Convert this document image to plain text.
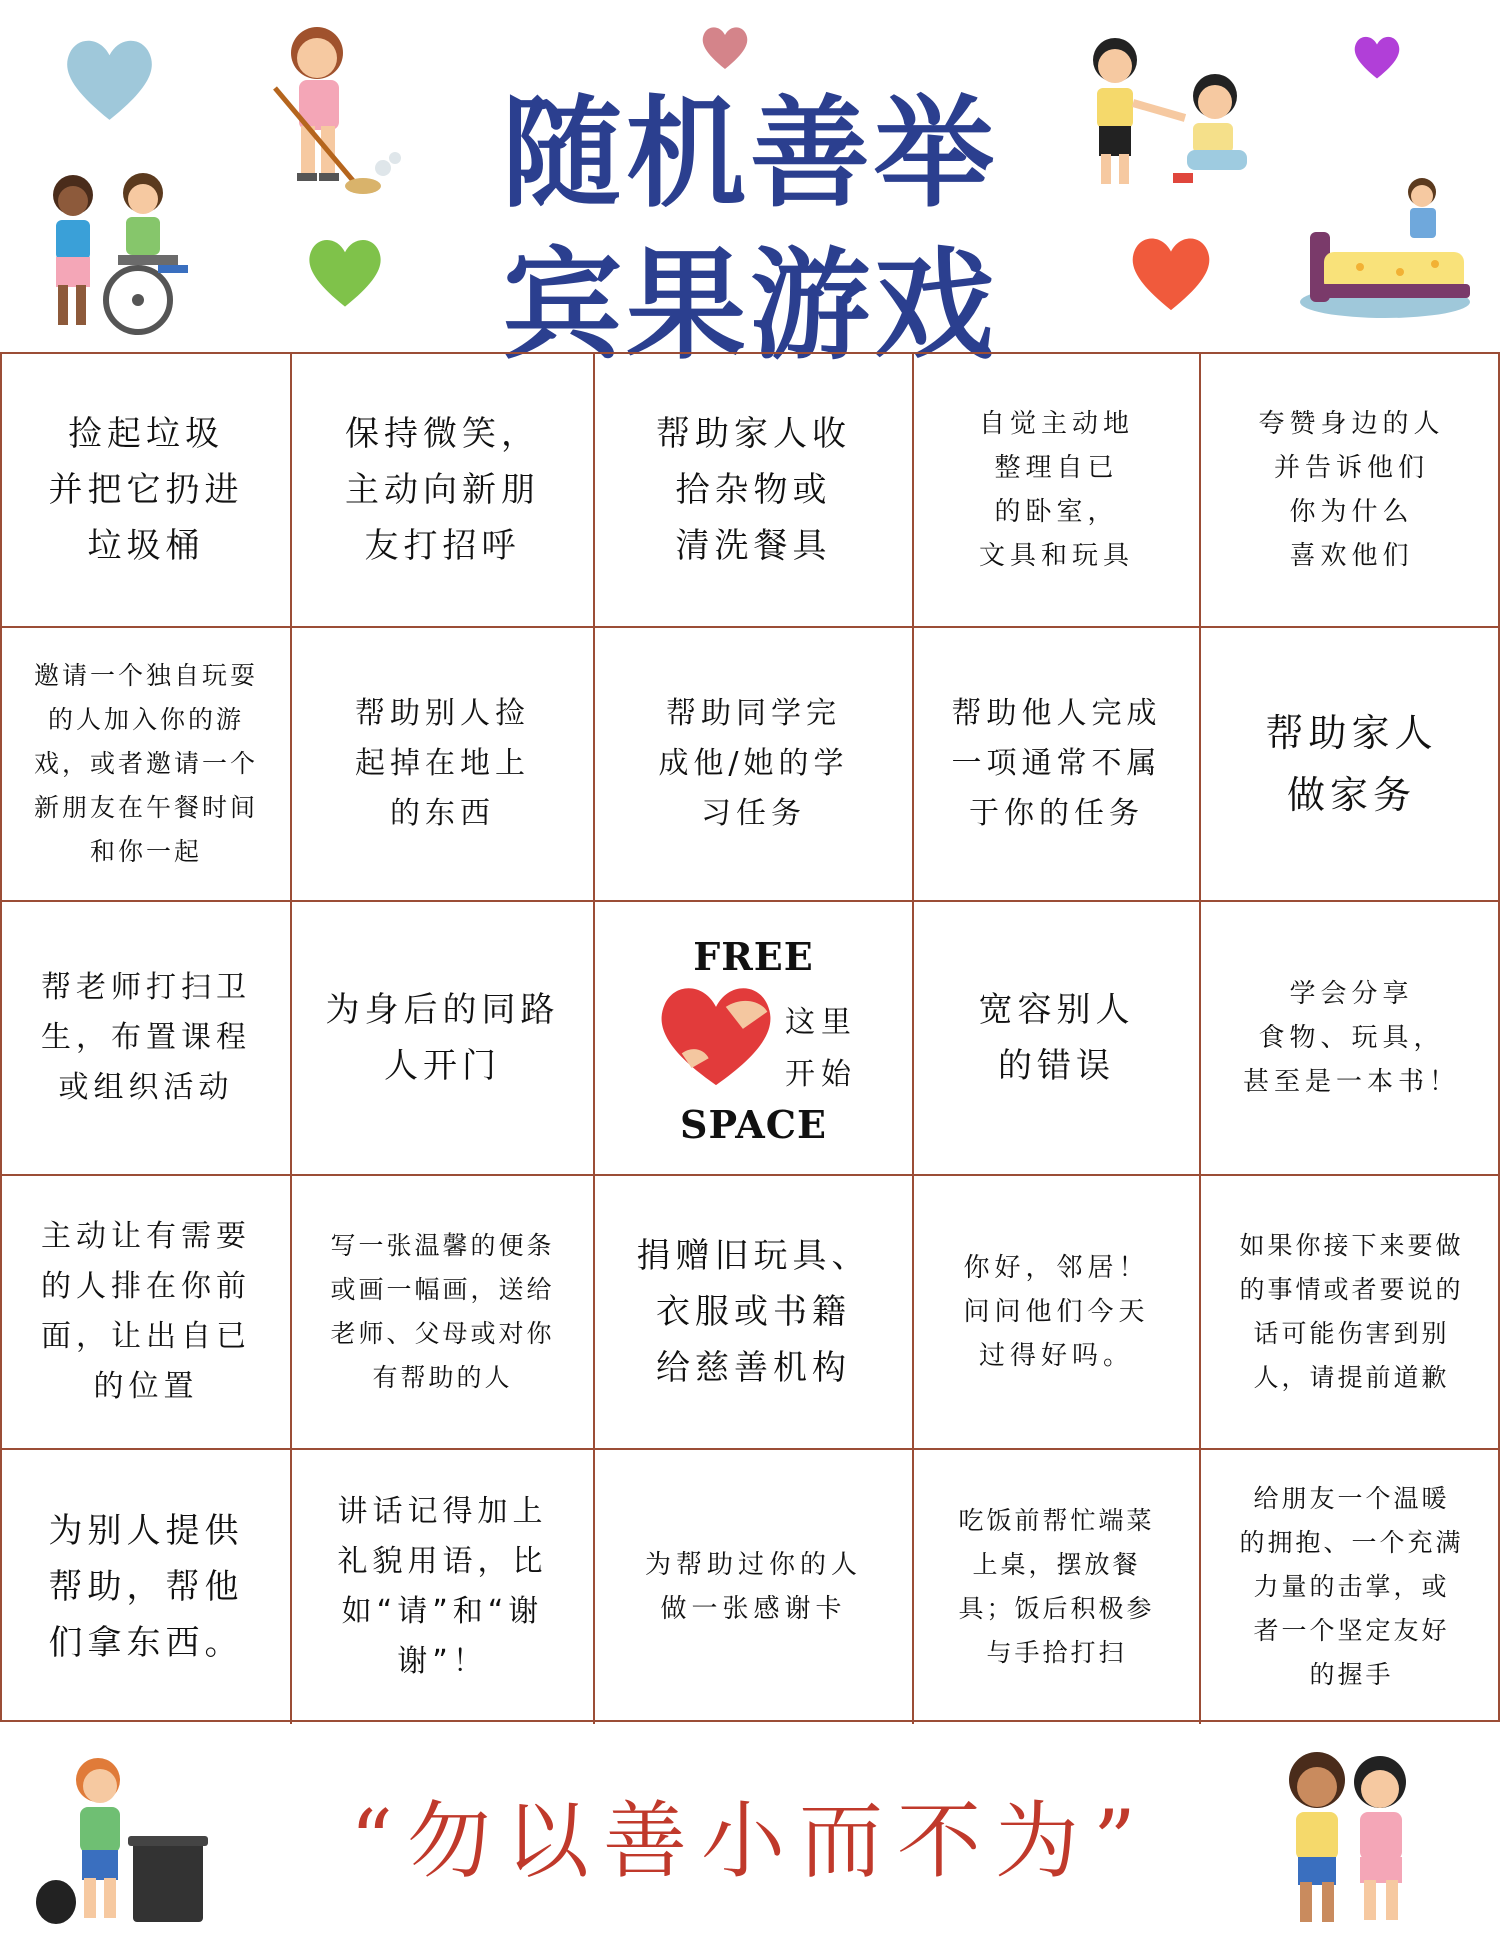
随机善举
宾果游戏
捡起垃圾
并把它扔进
垃圾桶
保持微笑，
主动向新朋
友打招呼
帮助家人收
拾杂物或
清洗餐具
自觉主动地
整理自已
的卧室，
文具和玩具
夸赞身边的人
并告诉他们
你为什么
喜欢他们
邀请一个独自玩耍
的人加入你的游
戏，或者邀请一个
新朋友在午餐时间
和你一起
帮助别人捡
起掉在地上
的东西
帮助同学完
成他/她的学
习任务
帮助他人完成
一项通常不属
于你的任务
帮助家人
做家务
帮老师打扫卫
生，布置课程
或组织活动
为身后的同路
人开门
FREE
这里
开始
SPACE
宽容别人
的错误
学会分享
食物、玩具，
甚至是一本书！
主动让有需要
的人排在你前
面，让出自已
的位置
写一张温馨的便条
或画一幅画，送给
老师、父母或对你
有帮助的人
捐赠旧玩具、
衣服或书籍
给慈善机构
你好，邻居！
问问他们今天
过得好吗。
如果你接下来要做
的事情或者要说的
话可能伤害到别
人，请提前道歉
为别人提供
帮助，帮他
们拿东西。
讲话记得加上
礼貌用语，比
如“请”和“谢
谢”！
为帮助过你的人
做一张感谢卡
吃饭前帮忙端菜
上桌，摆放餐
具；饭后积极参
与手拾打扫
给朋友一个温暖
的拥抱、一个充满
力量的击掌，或
者一个坚定友好
的握手
“勿以善小而不为”
